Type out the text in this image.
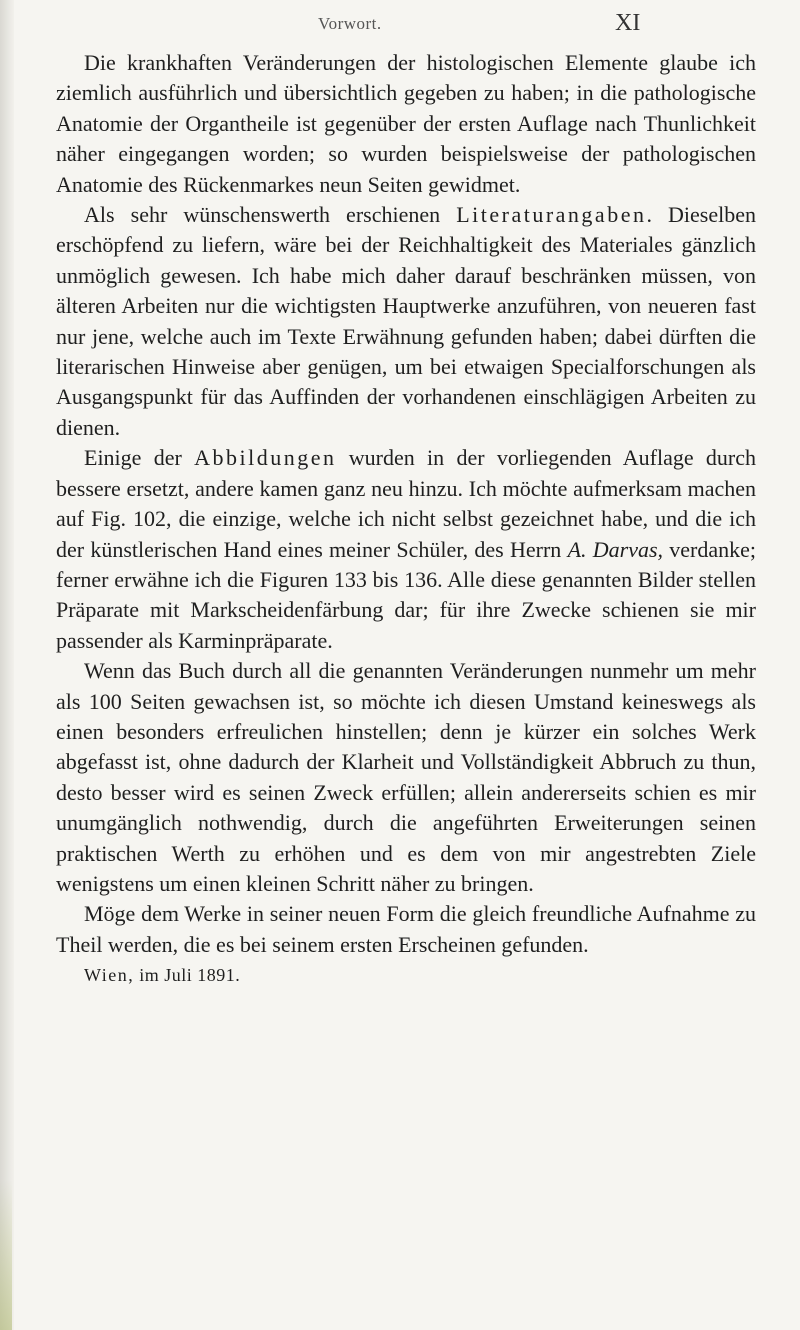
Vorwort.	XI

Die krankhaften Veränderungen der histologischen Elemente glaube ich ziemlich ausführlich und übersichtlich gegeben zu haben; in die pathologische Anatomie der Organtheile ist gegenüber der ersten Auflage nach Thunlichkeit näher eingegangen worden; so wurden beispielsweise der pathologischen Anatomie des Rückenmarkes neun Seiten gewidmet.

Als sehr wünschenswerth erschienen Literaturangaben. Dieselben erschöpfend zu liefern, wäre bei der Reichhaltigkeit des Materiales gänzlich unmöglich gewesen. Ich habe mich daher darauf beschränken müssen, von älteren Arbeiten nur die wichtigsten Hauptwerke anzuführen, von neueren fast nur jene, welche auch im Texte Erwähnung gefunden haben; dabei dürften die literarischen Hinweise aber genügen, um bei etwaigen Specialforschungen als Ausgangspunkt für das Auffinden der vorhandenen einschlägigen Arbeiten zu dienen.

Einige der Abbildungen wurden in der vorliegenden Auflage durch bessere ersetzt, andere kamen ganz neu hinzu. Ich möchte aufmerksam machen auf Fig. 102, die einzige, welche ich nicht selbst gezeichnet habe, und die ich der künstlerischen Hand eines meiner Schüler, des Herrn A. Darvas, verdanke; ferner erwähne ich die Figuren 133 bis 136. Alle diese genannten Bilder stellen Präparate mit Markscheidenfärbung dar; für ihre Zwecke schienen sie mir passender als Karminpräparate.

Wenn das Buch durch all die genannten Veränderungen nunmehr um mehr als 100 Seiten gewachsen ist, so möchte ich diesen Umstand keineswegs als einen besonders erfreulichen hinstellen; denn je kürzer ein solches Werk abgefasst ist, ohne dadurch der Klarheit und Vollständigkeit Abbruch zu thun, desto besser wird es seinen Zweck erfüllen; allein andererseits schien es mir unumgänglich nothwendig, durch die angeführten Erweiterungen seinen praktischen Werth zu erhöhen und es dem von mir angestrebten Ziele wenigstens um einen kleinen Schritt näher zu bringen.

Möge dem Werke in seiner neuen Form die gleich freundliche Aufnahme zu Theil werden, die es bei seinem ersten Erscheinen gefunden.

Wien, im Juli 1891.
